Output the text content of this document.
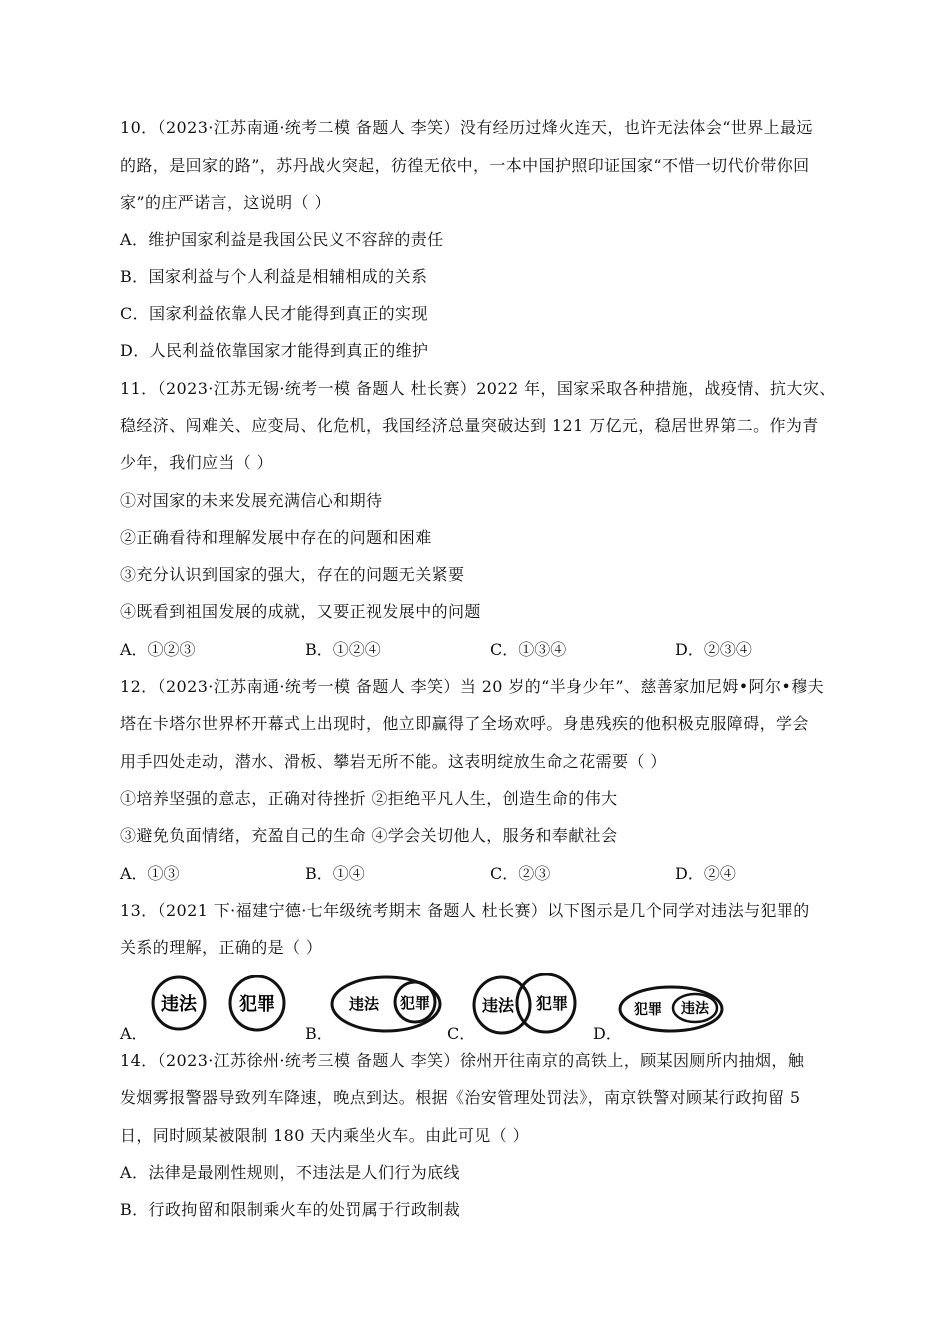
10．（2023·江苏南通·统考二模 备题人 李笑）没有经历过烽火连天，也许无法体会“世界上最远
的路，是回家的路”，苏丹战火突起，彷徨无依中，一本中国护照印证国家“不惜一切代价带你回
家”的庄严诺言，这说明（ ）
A．维护国家利益是我国公民义不容辞的责任
B．国家利益与个人利益是相辅相成的关系
C．国家利益依靠人民才能得到真正的实现
D．人民利益依靠国家才能得到真正的维护
11．（2023·江苏无锡·统考一模 备题人 杜长赛）2022 年，国家采取各种措施，战疫情、抗大灾、
稳经济、闯难关、应变局、化危机，我国经济总量突破达到 121 万亿元，稳居世界第二。作为青
少年，我们应当（ ）
①对国家的未来发展充满信心和期待
②正确看待和理解发展中存在的问题和困难
③充分认识到国家的强大，存在的问题无关紧要
④既看到祖国发展的成就，又要正视发展中的问题
A．①②③	B．①②④	C．①③④	D．②③④
12．（2023·江苏南通·统考一模 备题人 李笑）当 20 岁的“半身少年”、慈善家加尼姆•阿尔•穆夫
塔在卡塔尔世界杯开幕式上出现时，他立即赢得了全场欢呼。身患残疾的他积极克服障碍，学会
用手四处走动，潜水、滑板、攀岩无所不能。这表明绽放生命之花需要（ ）
①培养坚强的意志，正确对待挫折 ②拒绝平凡人生，创造生命的伟大
③避免负面情绪，充盈自己的生命 ④学会关切他人，服务和奉献社会
A．①③	B．①④	C．②③	D．②④
13．（2021 下·福建宁德·七年级统考期末 备题人 杜长赛）以下图示是几个同学对违法与犯罪的
关系的理解，正确的是（ ）
A．
违法 犯罪
B．
违法 犯罪
C．
违法 犯罪
D．
犯罪 违法
14．（2023·江苏徐州·统考三模 备题人 李笑）徐州开往南京的高铁上，顾某因厕所内抽烟，触
发烟雾报警器导致列车降速，晚点到达。根据《治安管理处罚法》，南京铁警对顾某行政拘留 5
日，同时顾某被限制 180 天内乘坐火车。由此可见（ ）
A．法律是最刚性规则，不违法是人们行为底线
B．行政拘留和限制乘火车的处罚属于行政制裁
